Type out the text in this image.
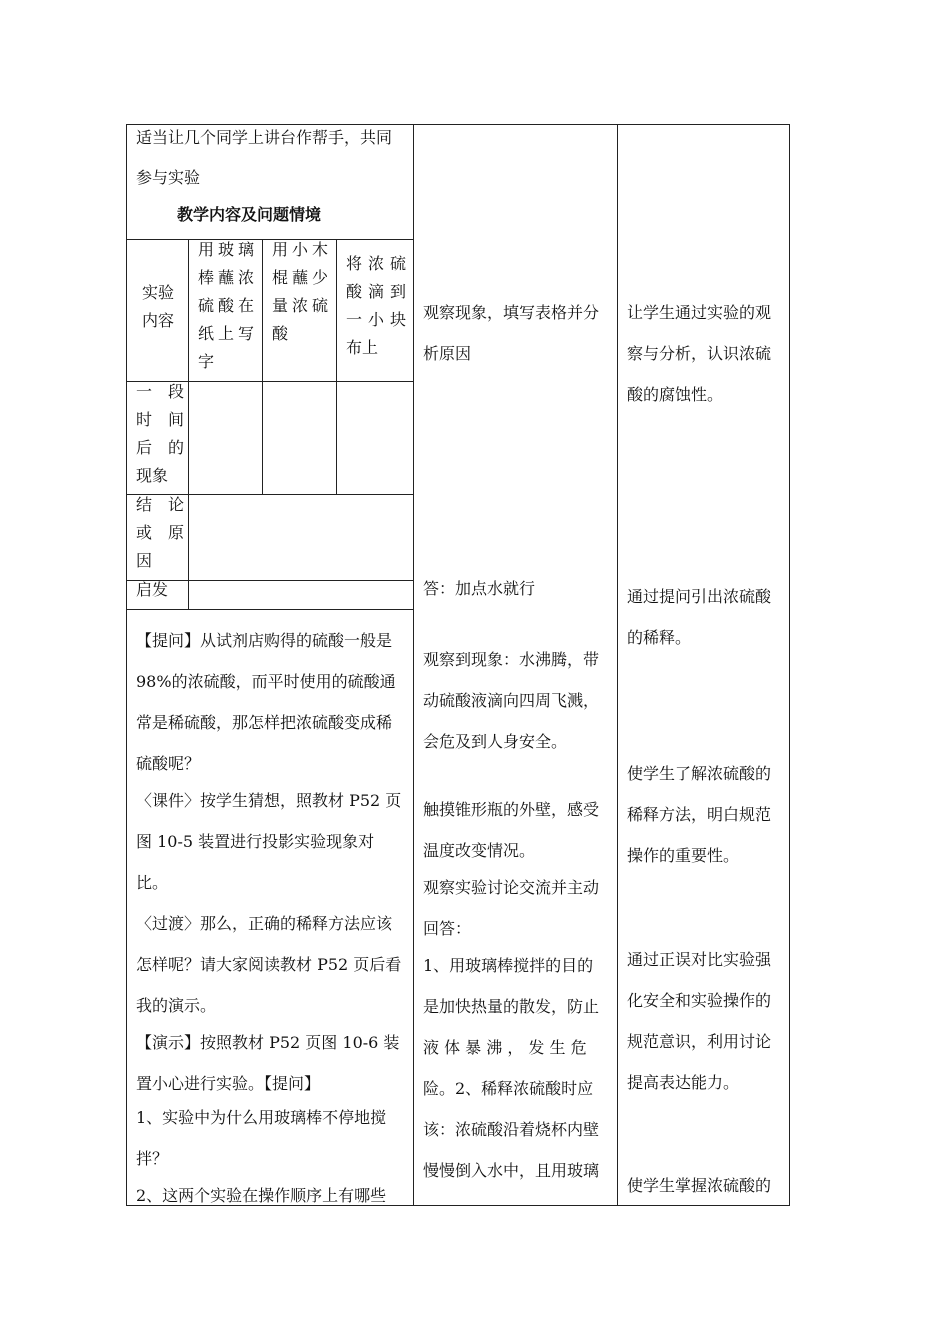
适当让几个同学上讲台作帮手，共同
参与实验
教学内容及问题情境
实验
内容
用玻璃
棒蘸浓
硫酸在
纸上写
字
用小木
棍蘸少
量浓硫
酸
将浓硫
酸滴到
一小块
布上
一　段
时　间
后　的
现象
结　论
或　原
因
启发
【提问】从试剂店购得的硫酸一般是
98%的浓硫酸，而平时使用的硫酸通
常是稀硫酸，那怎样把浓硫酸变成稀
硫酸呢？
〈课件〉按学生猜想，照教材 P52 页
图 10-5 装置进行投影实验现象对
比。
〈过渡〉那么，正确的稀释方法应该
怎样呢？请大家阅读教材 P52 页后看
我的演示。
【演示】按照教材 P52 页图 10-6 装
置小心进行实验。【提问】
1、实验中为什么用玻璃棒不停地搅
拌？
2、这两个实验在操作顺序上有哪些
观察现象，填写表格并分
析原因
答：加点水就行
观察到现象：水沸腾，带
动硫酸液滴向四周飞溅，
会危及到人身安全。
触摸锥形瓶的外壁，感受
温度改变情况。
观察实验讨论交流并主动
回答：
1、用玻璃棒搅拌的目的
是加快热量的散发，防止
液 体 暴 沸 ， 发 生 危
险。2、稀释浓硫酸时应
该：浓硫酸沿着烧杯内壁
慢慢倒入水中，且用玻璃
让学生通过实验的观
察与分析，认识浓硫
酸的腐蚀性。
通过提问引出浓硫酸
的稀释。
使学生了解浓硫酸的
稀释方法，明白规范
操作的重要性。
通过正误对比实验强
化安全和实验操作的
规范意识，利用讨论
提高表达能力。
使学生掌握浓硫酸的
